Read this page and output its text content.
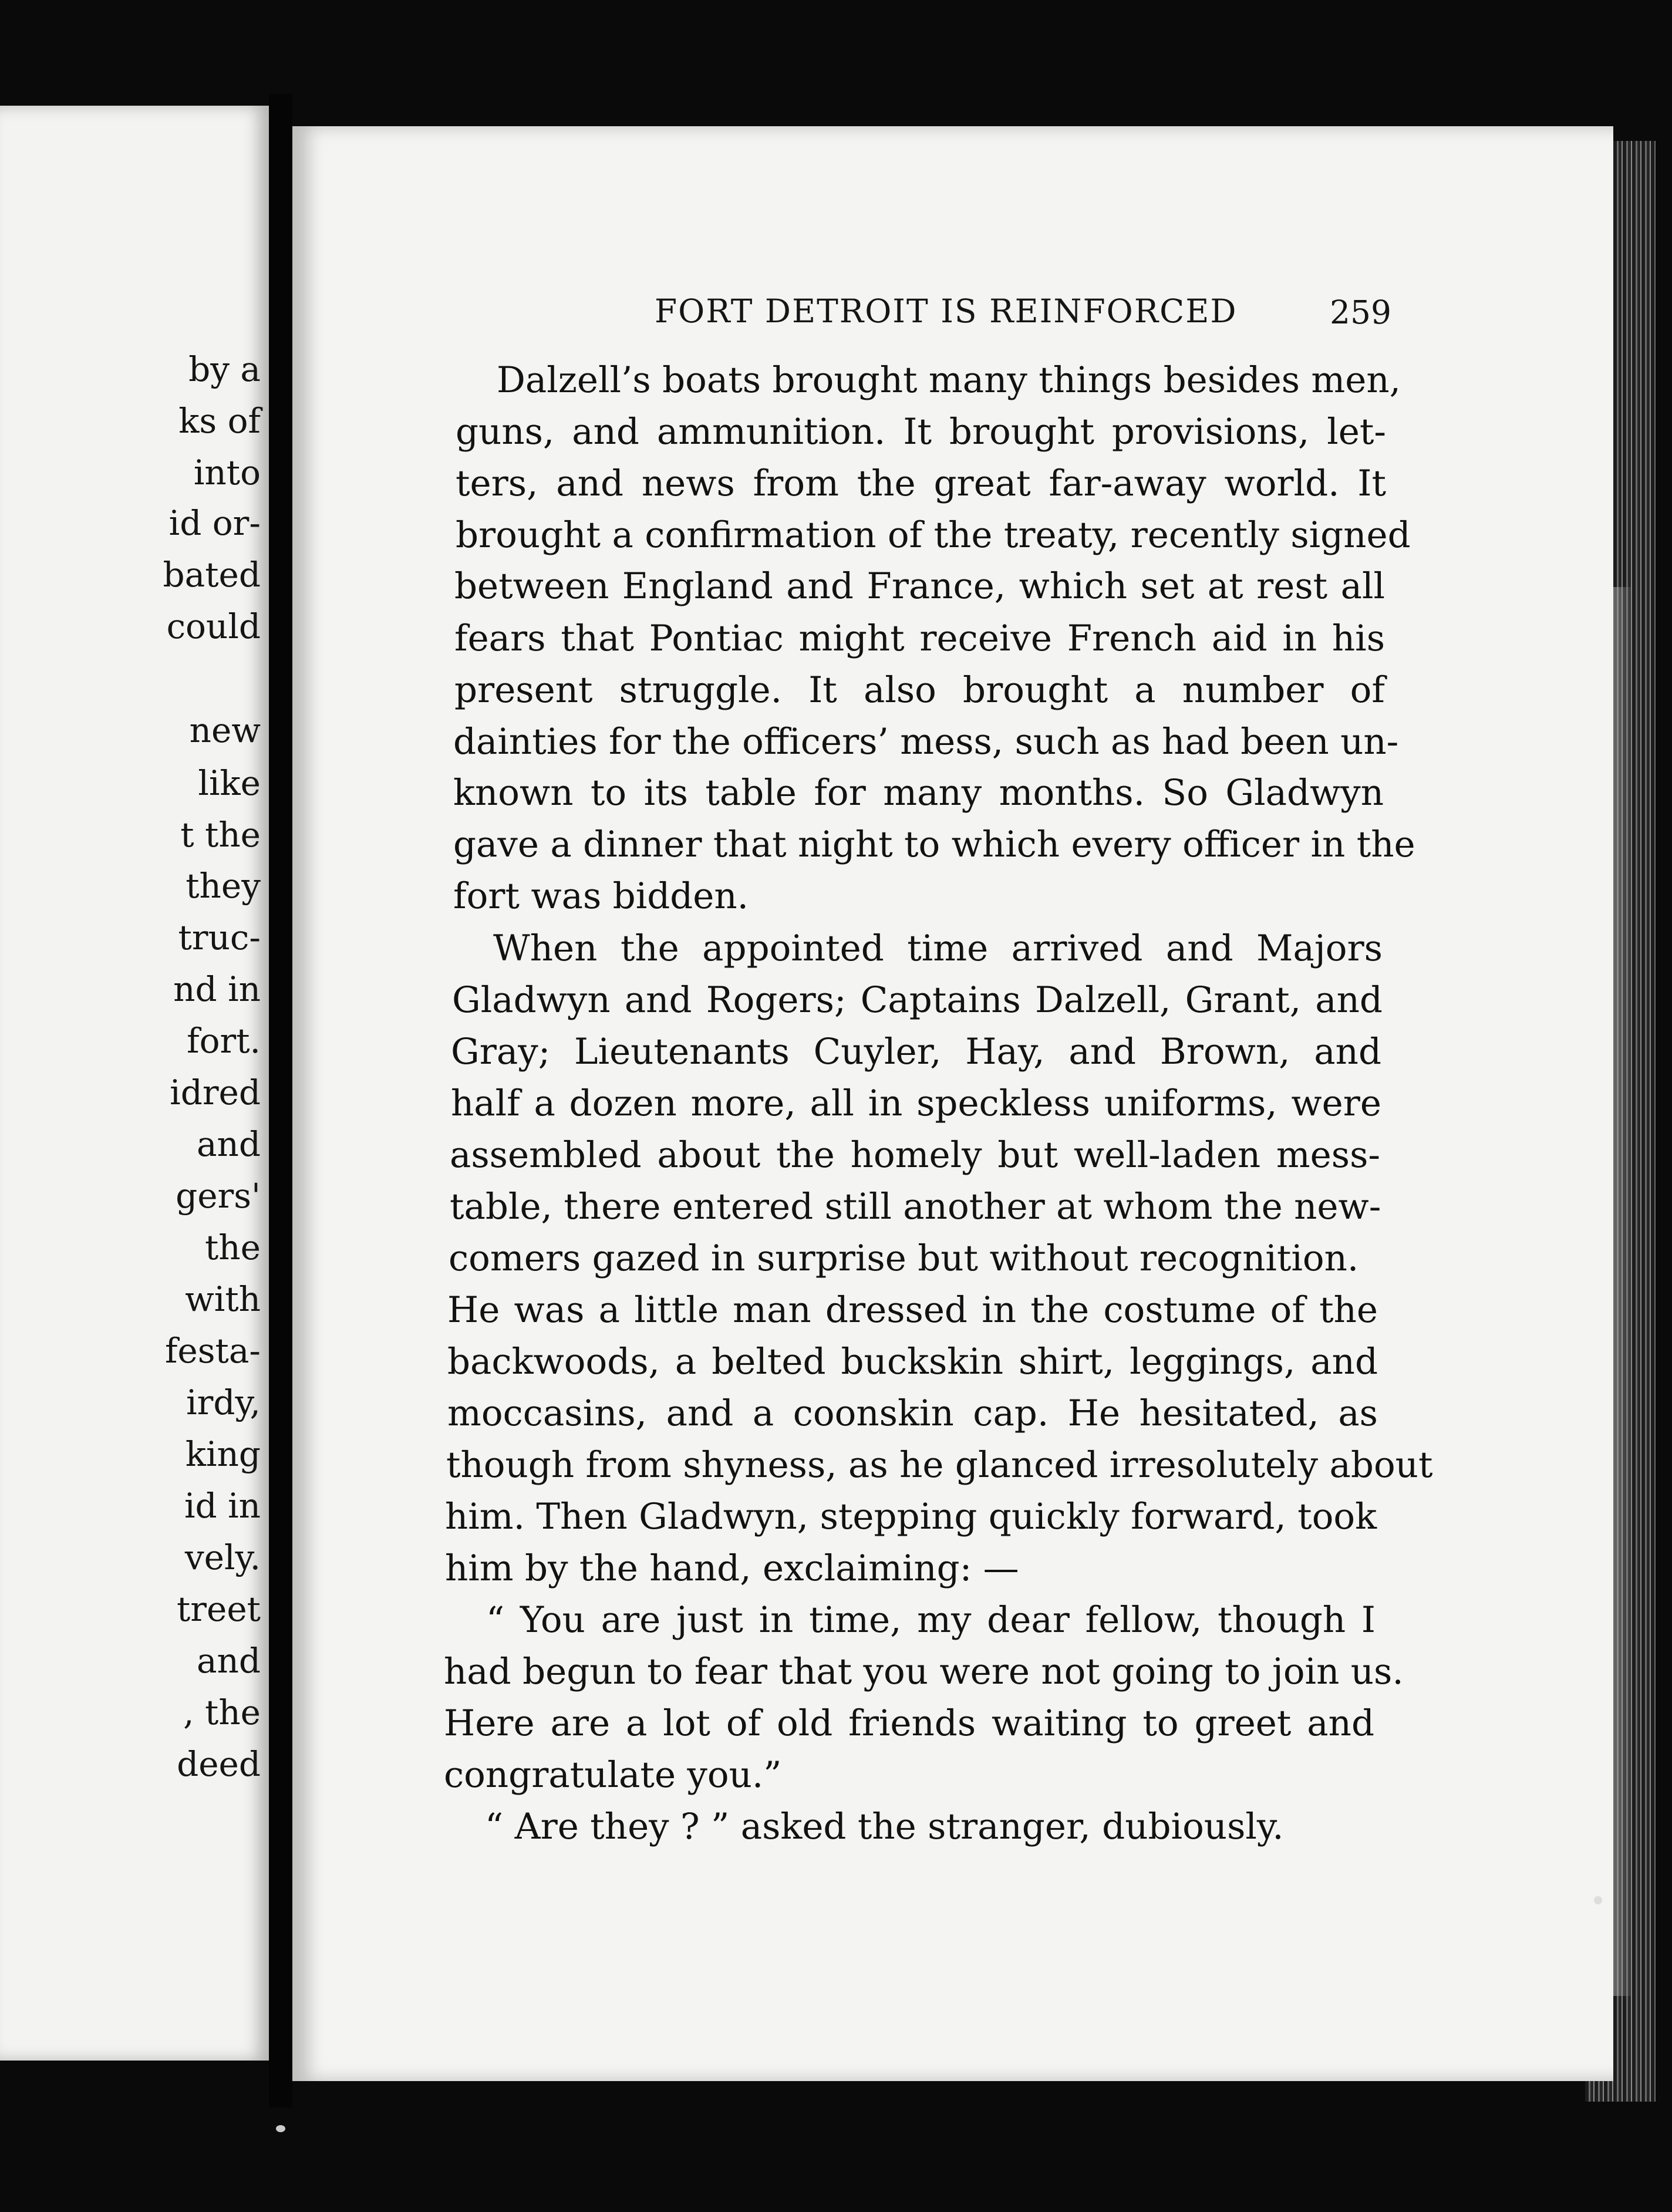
by a
ks of
into
id or-
bated
could
new
like
t the
they
truc-
nd in
fort.
idred
and
gers'
the
with
festa-
irdy,
king
id in
vely.
treet
and
, the
deed
FORT DETROIT IS REINFORCED	259
Dalzell’s boats brought many things besides men,
guns, and ammunition. It brought provisions, let-
ters, and news from the great far-away world. It
brought a confirmation of the treaty, recently signed
between England and France, which set at rest all
fears that Pontiac might receive French aid in his
present struggle. It also brought a number of
dainties for the officers’ mess, such as had been un-
known to its table for many months. So Gladwyn
gave a dinner that night to which every officer in the
fort was bidden.
When the appointed time arrived and Majors
Gladwyn and Rogers; Captains Dalzell, Grant, and
Gray; Lieutenants Cuyler, Hay, and Brown, and
half a dozen more, all in speckless uniforms, were
assembled about the homely but well-laden mess-
table, there entered still another at whom the new-
comers gazed in surprise but without recognition.
He was a little man dressed in the costume of the
backwoods, a belted buckskin shirt, leggings, and
moccasins, and a coonskin cap. He hesitated, as
though from shyness, as he glanced irresolutely about
him. Then Gladwyn, stepping quickly forward, took
him by the hand, exclaiming: —
“ You are just in time, my dear fellow, though I
had begun to fear that you were not going to join us.
Here are a lot of old friends waiting to greet and
congratulate you.”
“ Are they ? ” asked the stranger, dubiously.
